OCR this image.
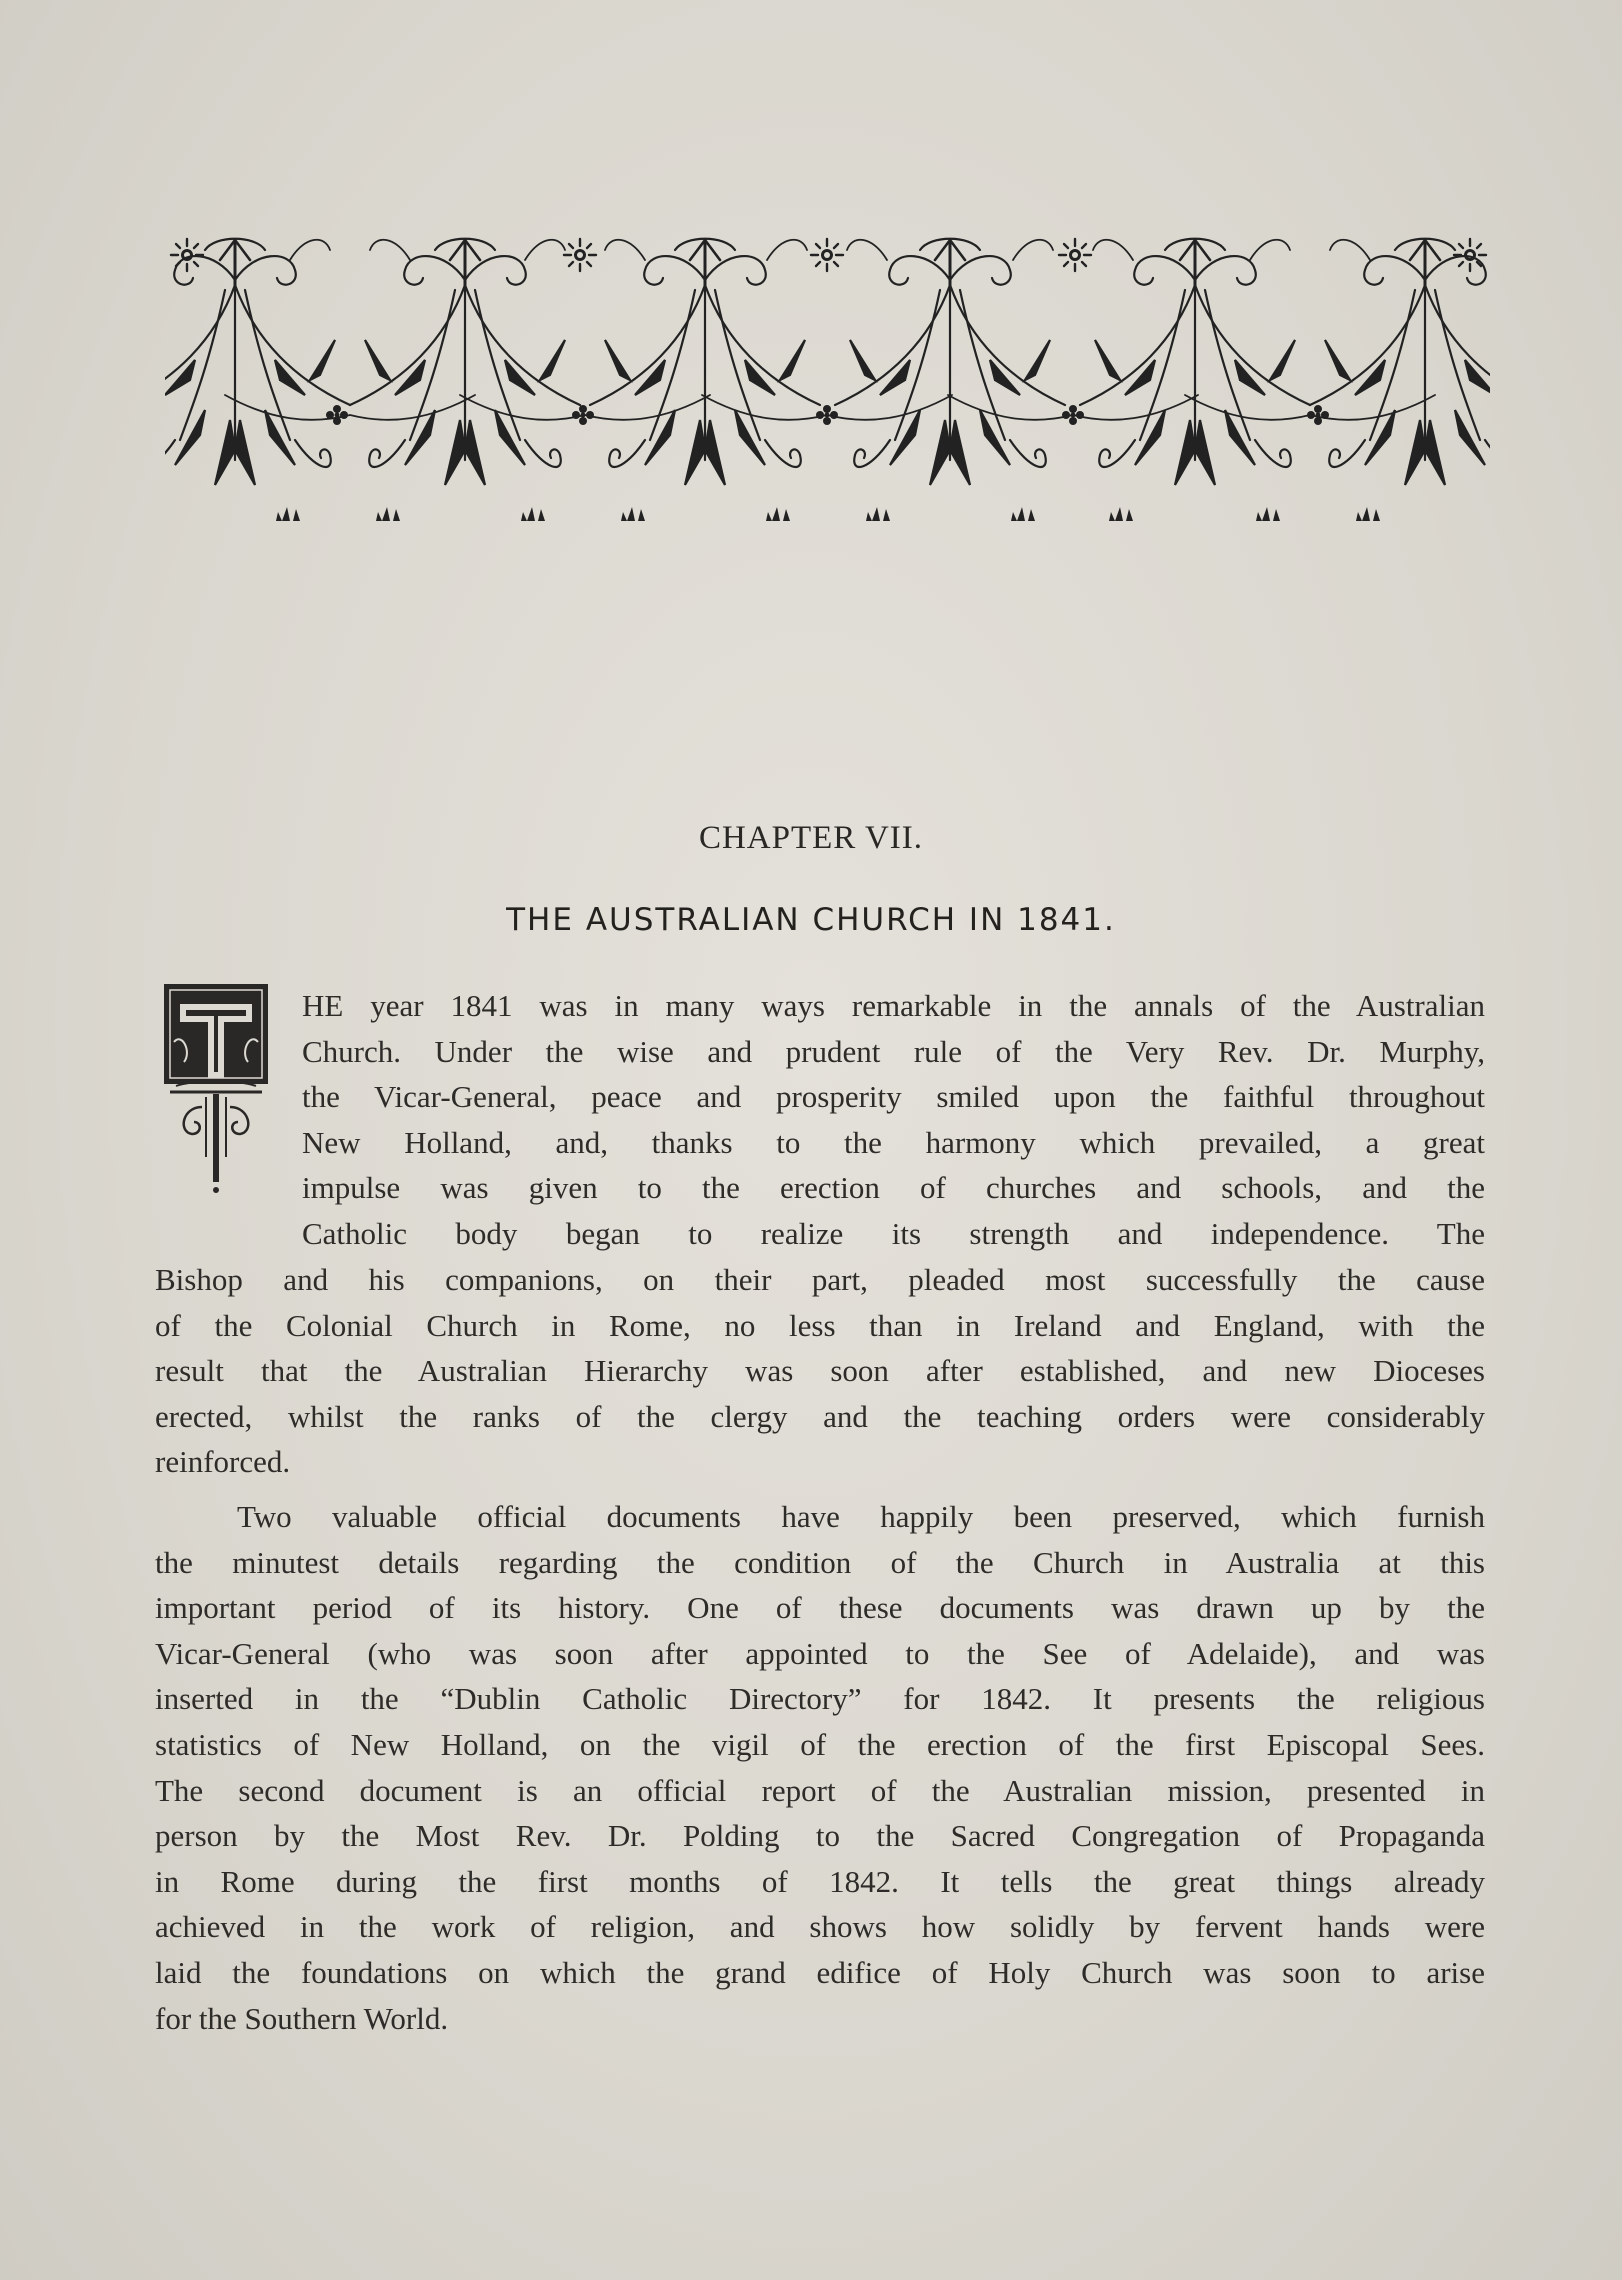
CHAPTER VII.
THE AUSTRALIAN CHURCH IN 1841.
HE year 1841 was in many ways remarkable in the annals of the Australian
Church. Under the wise and prudent rule of the Very Rev. Dr. Murphy,
the Vicar-General, peace and prosperity smiled upon the faithful throughout
New Holland, and, thanks to the harmony which prevailed, a great
impulse was given to the erection of churches and schools, and the
Catholic body began to realize its strength and independence. The
Bishop and his companions, on their part, pleaded most successfully the cause
of the Colonial Church in Rome, no less than in Ireland and England, with the
result that the Australian Hierarchy was soon after established, and new Dioceses
erected, whilst the ranks of the clergy and the teaching orders were considerably
reinforced.
Two valuable official documents have happily been preserved, which furnish
the minutest details regarding the condition of the Church in Australia at this
important period of its history. One of these documents was drawn up by the
Vicar-General (who was soon after appointed to the See of Adelaide), and was
inserted in the “Dublin Catholic Directory” for 1842. It presents the religious
statistics of New Holland, on the vigil of the erection of the first Episcopal Sees.
The second document is an official report of the Australian mission, presented in
person by the Most Rev. Dr. Polding to the Sacred Congregation of Propaganda
in Rome during the first months of 1842. It tells the great things already
achieved in the work of religion, and shows how solidly by fervent hands were
laid the foundations on which the grand edifice of Holy Church was soon to arise
for the Southern World.
